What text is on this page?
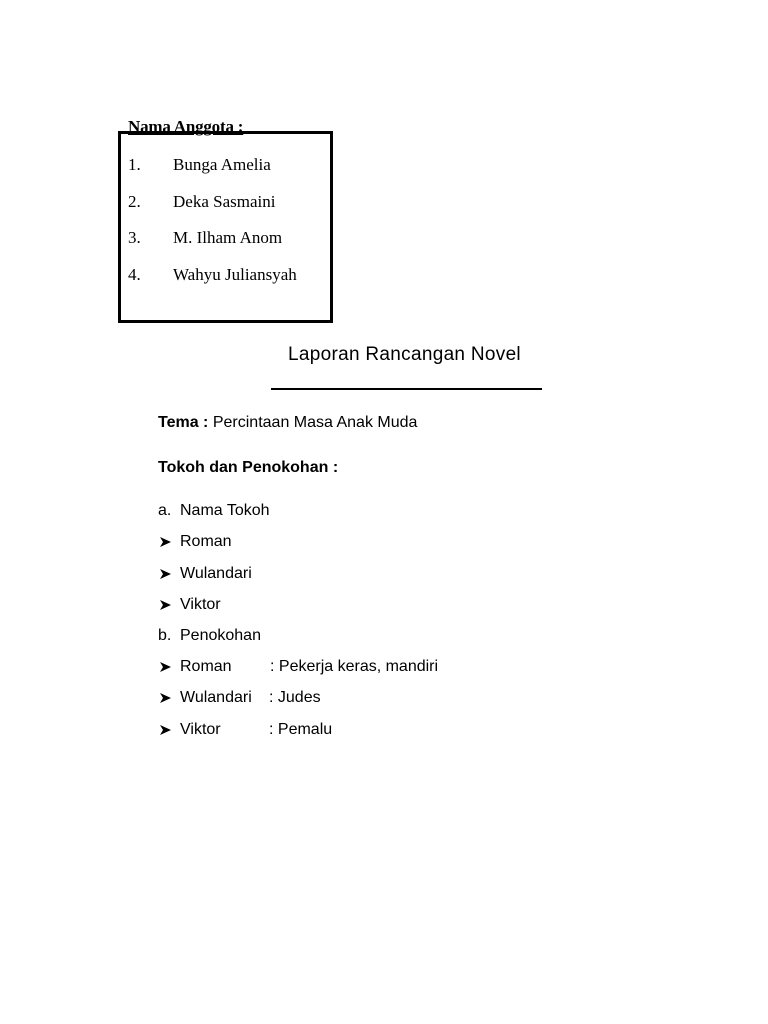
Nama Anggota :
1. Bunga Amelia
2. Deka Sasmaini
3. M. Ilham Anom
4. Wahyu Juliansyah
Laporan Rancangan Novel
Tema : Percintaan Masa Anak Muda
Tokoh dan Penokohan :
a. Nama Tokoh
Roman
Wulandari
Viktor
b. Penokohan
Roman : Pekerja keras, mandiri
Wulandari : Judes
Viktor	: Pemalu
